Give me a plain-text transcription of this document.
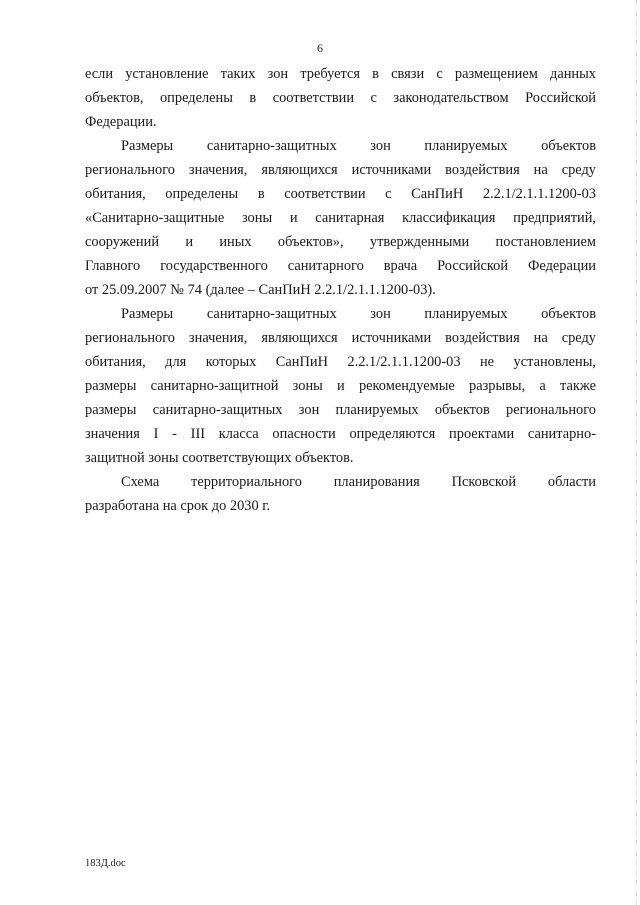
6

если установление таких зон требуется в связи с размещением данных
объектов, определены в соответствии с законодательством Российской
Федерации.

Размеры санитарно-защитных зон планируемых объектов
регионального значения, являющихся источниками воздействия на среду
обитания, определены в соответствии с СанПиН 2.2.1/2.1.1.1200-03
«Санитарно-защитные зоны и санитарная классификация предприятий,
сооружений и иных объектов», утвержденными постановлением
Главного государственного санитарного врача Российской Федерации
от 25.09.2007 № 74 (далее – СанПиН 2.2.1/2.1.1.1200-03).

Размеры санитарно-защитных зон планируемых объектов
регионального значения, являющихся источниками воздействия на среду
обитания, для которых СанПиН 2.2.1/2.1.1.1200-03 не установлены,
размеры санитарно-защитной зоны и рекомендуемые разрывы, а также
размеры санитарно-защитных зон планируемых объектов регионального
значения I - III класса опасности определяются проектами санитарно-
защитной зоны соответствующих объектов.

Схема территориального планирования Псковской области
разработана на срок до 2030 г.

183Д.doc
